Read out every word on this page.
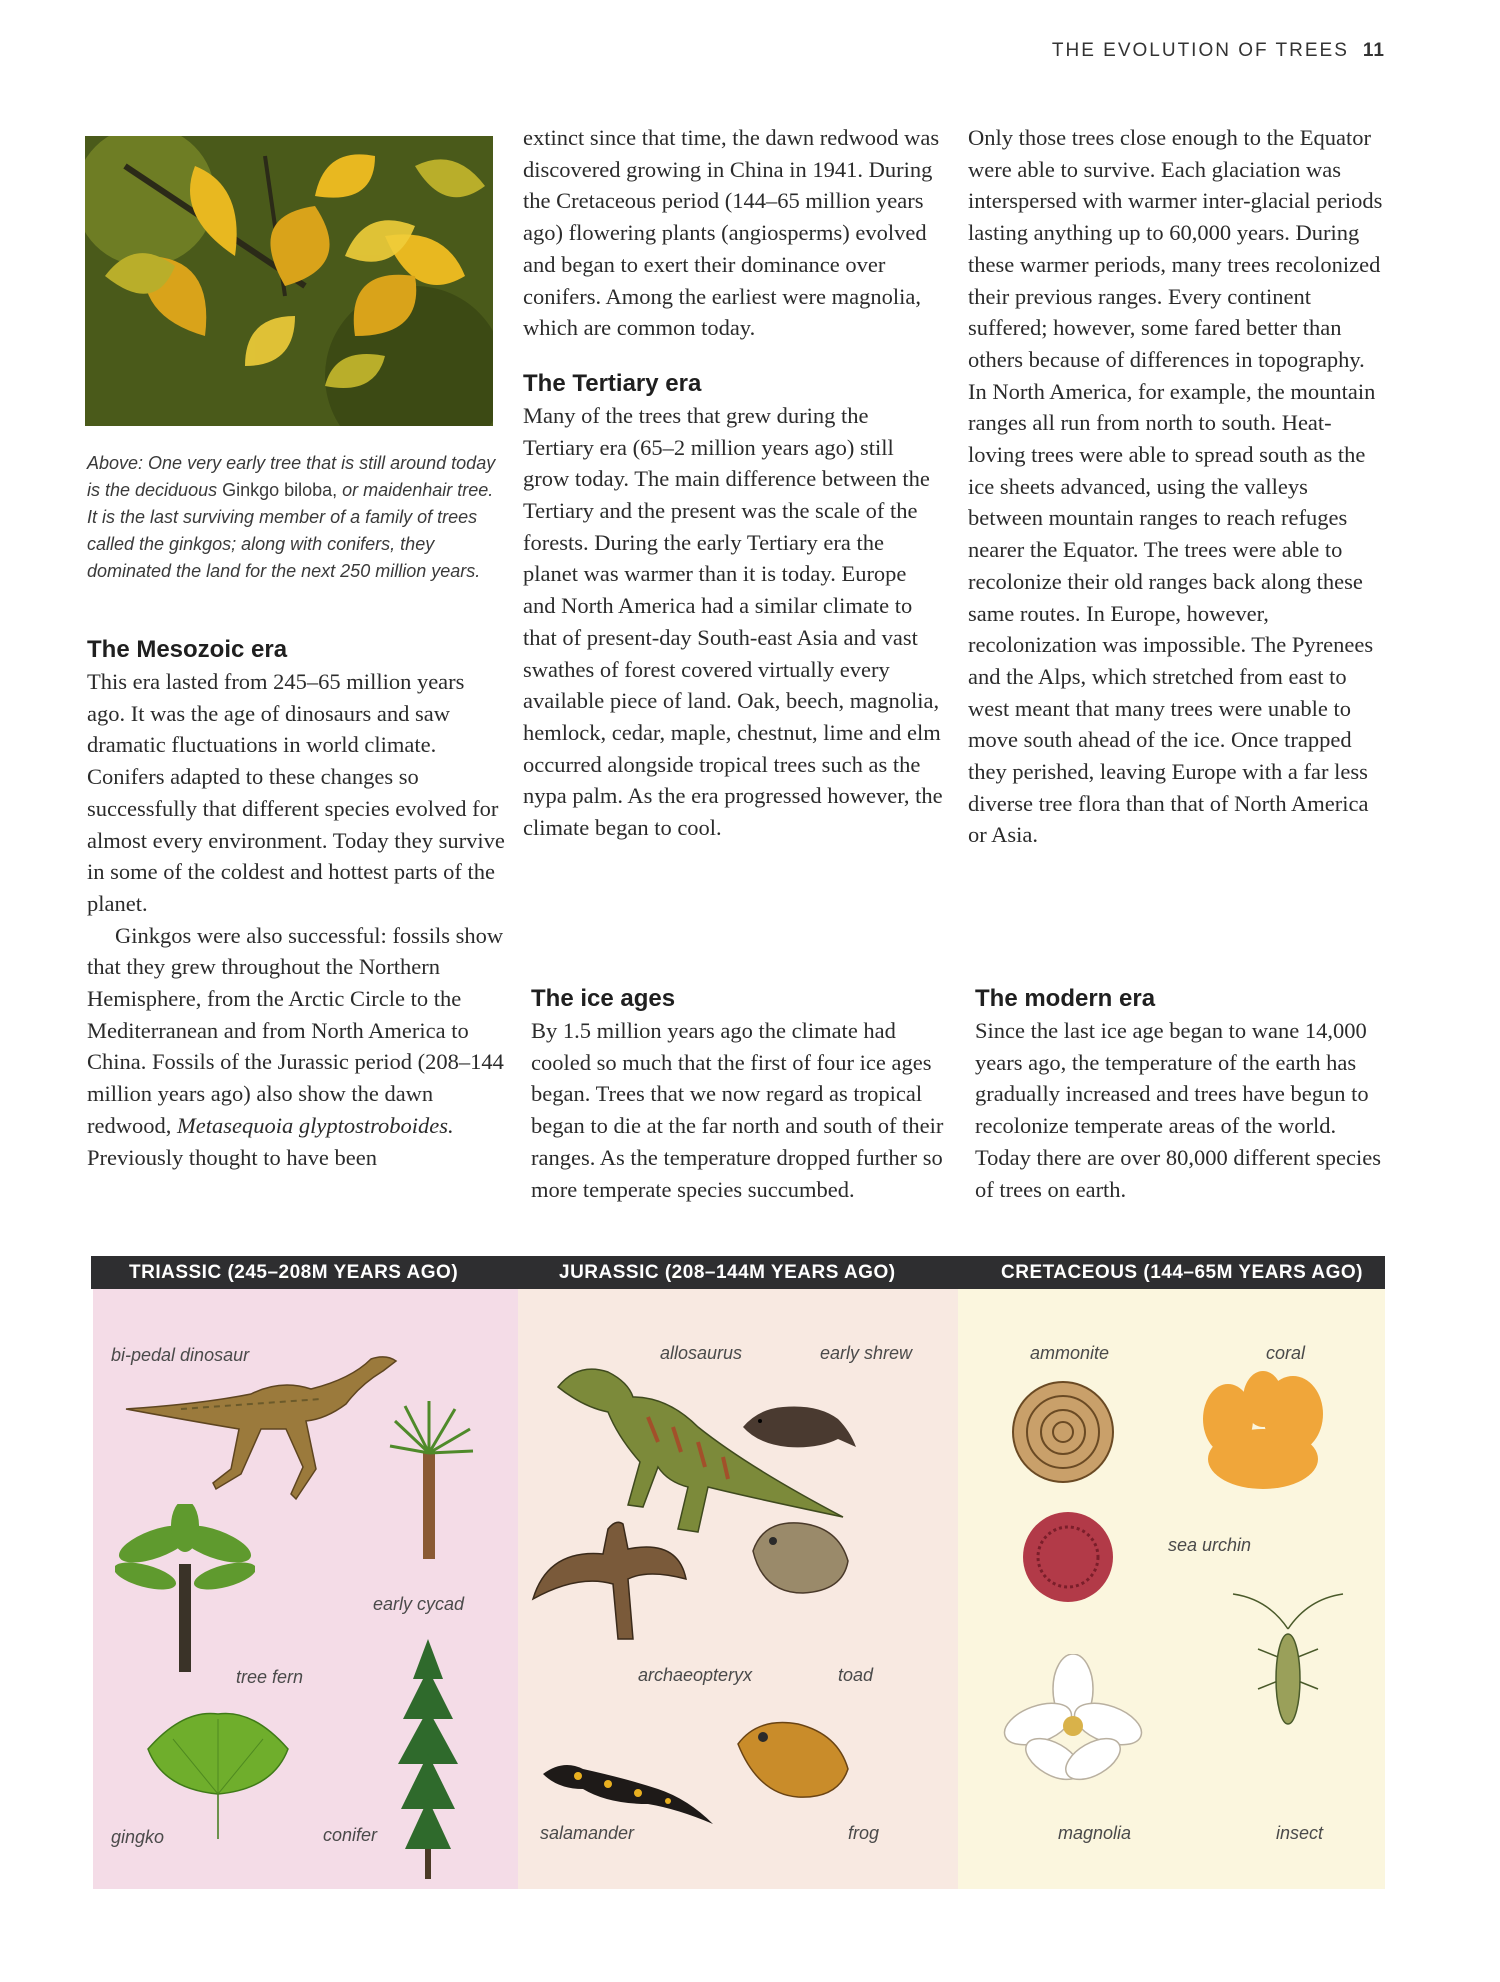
THE EVOLUTION OF TREES 11
Above: One very early tree that is still around today is the deciduous Ginkgo biloba, or maidenhair tree. It is the last surviving member of a family of trees called the ginkgos; along with conifers, they dominated the land for the next 250 million years.
The Mesozoic era

This era lasted from 245–65 million years ago. It was the age of dinosaurs and saw dramatic fluctuations in world climate. Conifers adapted to these changes so successfully that different species evolved for almost every environment. Today they survive in some of the coldest and hottest parts of the planet.

Ginkgos were also successful: fossils show that they grew throughout the Northern Hemisphere, from the Arctic Circle to the Mediterranean and from North America to China. Fossils of the Jurassic period (208–144 million years ago) also show the dawn redwood, Metasequoia glyptostroboides. Previously thought to have been

extinct since that time, the dawn redwood was discovered growing in China in 1941. During the Cretaceous period (144–65 million years ago) flowering plants (angiosperms) evolved and began to exert their dominance over conifers. Among the earliest were magnolia, which are common today.

The Tertiary era

Many of the trees that grew during the Tertiary era (65–2 million years ago) still grow today. The main difference between the Tertiary and the present was the scale of the forests. During the early Tertiary era the planet was warmer than it is today. Europe and North America had a similar climate to that of present-day South-east Asia and vast swathes of forest covered virtually every available piece of land. Oak, beech, magnolia, hemlock, cedar, maple, chestnut, lime and elm occurred alongside tropical trees such as the nypa palm. As the era progressed however, the climate began to cool.

The ice ages

By 1.5 million years ago the climate had cooled so much that the first of four ice ages began. Trees that we now regard as tropical began to die at the far north and south of their ranges. As the temperature dropped further so more temperate species succumbed.

Only those trees close enough to the Equator were able to survive. Each glaciation was interspersed with warmer inter-glacial periods lasting anything up to 60,000 years. During these warmer periods, many trees recolonized their previous ranges. Every continent suffered; however, some fared better than others because of differences in topography. In North America, for example, the mountain ranges all run from north to south. Heat-loving trees were able to spread south as the ice sheets advanced, using the valleys between mountain ranges to reach refuges nearer the Equator. The trees were able to recolonize their old ranges back along these same routes. In Europe, however, recolonization was impossible. The Pyrenees and the Alps, which stretched from east to west meant that many trees were unable to move south ahead of the ice. Once trapped they perished, leaving Europe with a far less diverse tree flora than that of North America or Asia.

The modern era

Since the last ice age began to wane 14,000 years ago, the temperature of the earth has gradually increased and trees have begun to recolonize temperate areas of the world. Today there are over 80,000 different species of trees on earth.

TRIASSIC (245–208M YEARS AGO)	JURASSIC (208–144M YEARS AGO)	CRETACEOUS (144–65M YEARS AGO)
bi-pedal dinosaur
early cycad
tree fern
gingko	conifer
allosaurus	early shrew
archaeopteryx	toad
salamander	frog
ammonite	coral
sea urchin
magnolia	insect
